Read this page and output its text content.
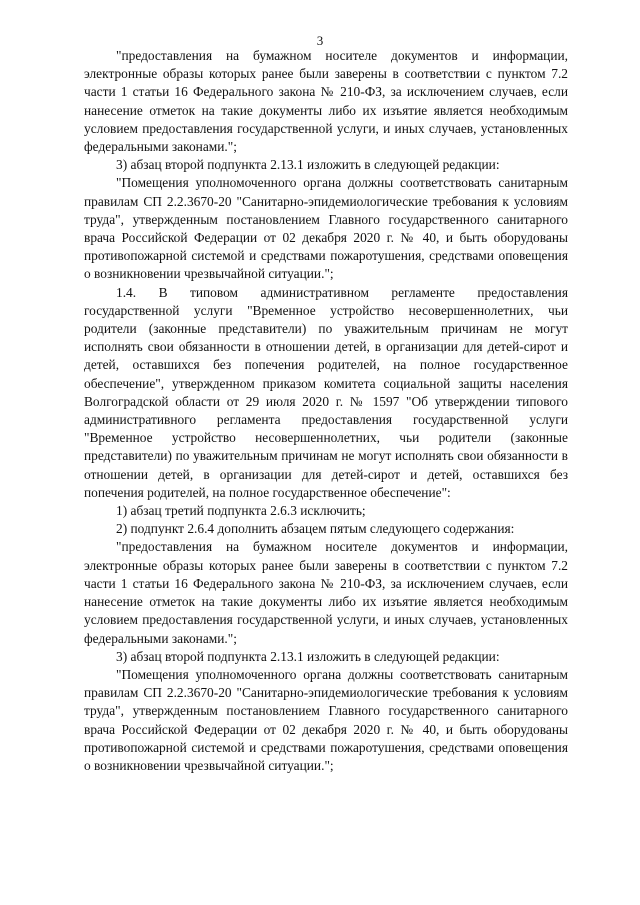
3

"предоставления на бумажном носителе документов и информации, электронные образы которых ранее были заверены в соответствии с пунктом 7.2 части 1 статьи 16 Федерального закона № 210-ФЗ, за исключением случаев, если нанесение отметок на такие документы либо их изъятие является необходимым условием предоставления государственной услуги, и иных случаев, установленных федеральными законами.";

3) абзац второй подпункта 2.13.1 изложить в следующей редакции:

"Помещения уполномоченного органа должны соответствовать санитарным правилам СП 2.2.3670-20 "Санитарно-эпидемиологические требования к условиям труда", утвержденным постановлением Главного государственного санитарного врача Российской Федерации от 02 декабря 2020 г. № 40, и быть оборудованы противопожарной системой и средствами пожаротушения, средствами оповещения о возникновении чрезвычайной ситуации.";

1.4. В типовом административном регламенте предоставления государственной услуги "Временное устройство несовершеннолетних, чьи родители (законные представители) по уважительным причинам не могут исполнять свои обязанности в отношении детей, в организации для детей-сирот и детей, оставшихся без попечения родителей, на полное государственное обеспечение", утвержденном приказом комитета социальной защиты населения Волгоградской области от 29 июля 2020 г. № 1597 "Об утверждении типового административного регламента предоставления государственной услуги "Временное устройство несовершеннолетних, чьи родители (законные представители) по уважительным причинам не могут исполнять свои обязанности в отношении детей, в организации для детей-сирот и детей, оставшихся без попечения родителей, на полное государственное обеспечение":

1) абзац третий подпункта 2.6.3 исключить;

2) подпункт 2.6.4 дополнить абзацем пятым следующего содержания:

"предоставления на бумажном носителе документов и информации, электронные образы которых ранее были заверены в соответствии с пунктом 7.2 части 1 статьи 16 Федерального закона № 210-ФЗ, за исключением случаев, если нанесение отметок на такие документы либо их изъятие является необходимым условием предоставления государственной услуги, и иных случаев, установленных федеральными законами.";

3) абзац второй подпункта 2.13.1 изложить в следующей редакции:

"Помещения уполномоченного органа должны соответствовать санитарным правилам СП 2.2.3670-20 "Санитарно-эпидемиологические требования к условиям труда", утвержденным постановлением Главного государственного санитарного врача Российской Федерации от 02 декабря 2020 г. № 40, и быть оборудованы противопожарной системой и средствами пожаротушения, средствами оповещения о возникновении чрезвычайной ситуации.";
